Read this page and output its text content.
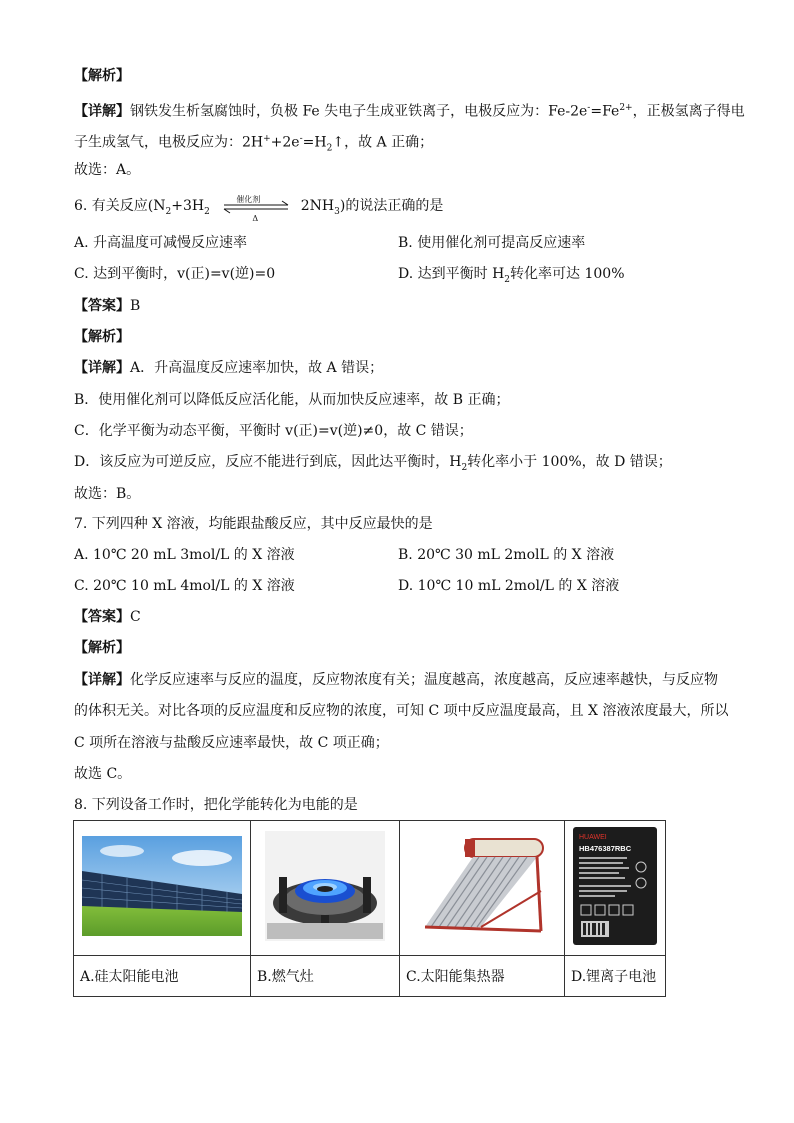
【解析】
【详解】钢铁发生析氢腐蚀时，负极 Fe 失电子生成亚铁离子，电极反应为：$Fe-2e^-=Fe^{2+}$，正极氢离子得电
子生成氢气，电极反应为：$2H^++2e^-=H_2↑$，故 A 正确；
故选：A。
6. 有关反应($N_2+3H_2$
催化剂
Δ
$2NH_3$)的说法正确的是
A. 升高温度可减慢反应速率	B. 使用催化剂可提高反应速率
C. 达到平衡时，v(正)=v(逆)=0	D. 达到平衡时 $H_2$转化率可达 100%
【答案】B
【解析】
【详解】A．升高温度反应速率加快，故 A 错误；
B．使用催化剂可以降低反应活化能，从而加快反应速率，故 B 正确；
C．化学平衡为动态平衡，平衡时 v(正)=v(逆)≠0，故 C 错误；
D．该反应为可逆反应，反应不能进行到底，因此达平衡时，$H_2$转化率小于 100%，故 D 错误；
故选：B。
7. 下列四种 X 溶液，均能跟盐酸反应，其中反应最快的是
A. 10℃ 20 mL 3mol/L 的 X 溶液	B. 20℃ 30 mL 2molL 的 X 溶液
C. 20℃ 10 mL 4mol/L 的 X 溶液	D. 10℃ 10 mL 2mol/L 的 X 溶液
【答案】C
【解析】
【详解】化学反应速率与反应的温度，反应物浓度有关；温度越高，浓度越高，反应速率越快，与反应物
的体积无关。对比各项的反应温度和反应物的浓度，可知 C 项中反应温度最高，且 X 溶液浓度最大，所以
C 项所在溶液与盐酸反应速率最快，故 C 项正确；
故选 C。
8. 下列设备工作时，把化学能转化为电能的是

HUAWEI
HB476387RBC

A.硅太阳能电池	B.燃气灶	C.太阳能集热器	D.锂离子电池
